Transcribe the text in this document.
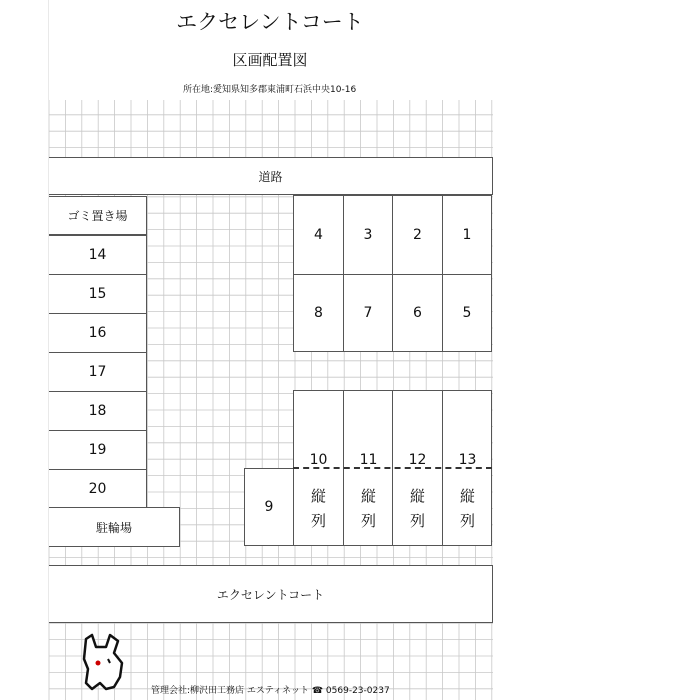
エクセレントコート
区画配置図
所在地:愛知県知多郡東浦町石浜中央10-16
道路
ゴミ置き場
14
15
16
17
18
19
20
駐輪場
4	3	2	1
8	7	6	5
9
10	11	12	13
縦
列
縦
列
縦
列
縦
列
エクセレントコート
管理会社:柳沢田工務店 エスティネット ☎ 0569-23-0237
